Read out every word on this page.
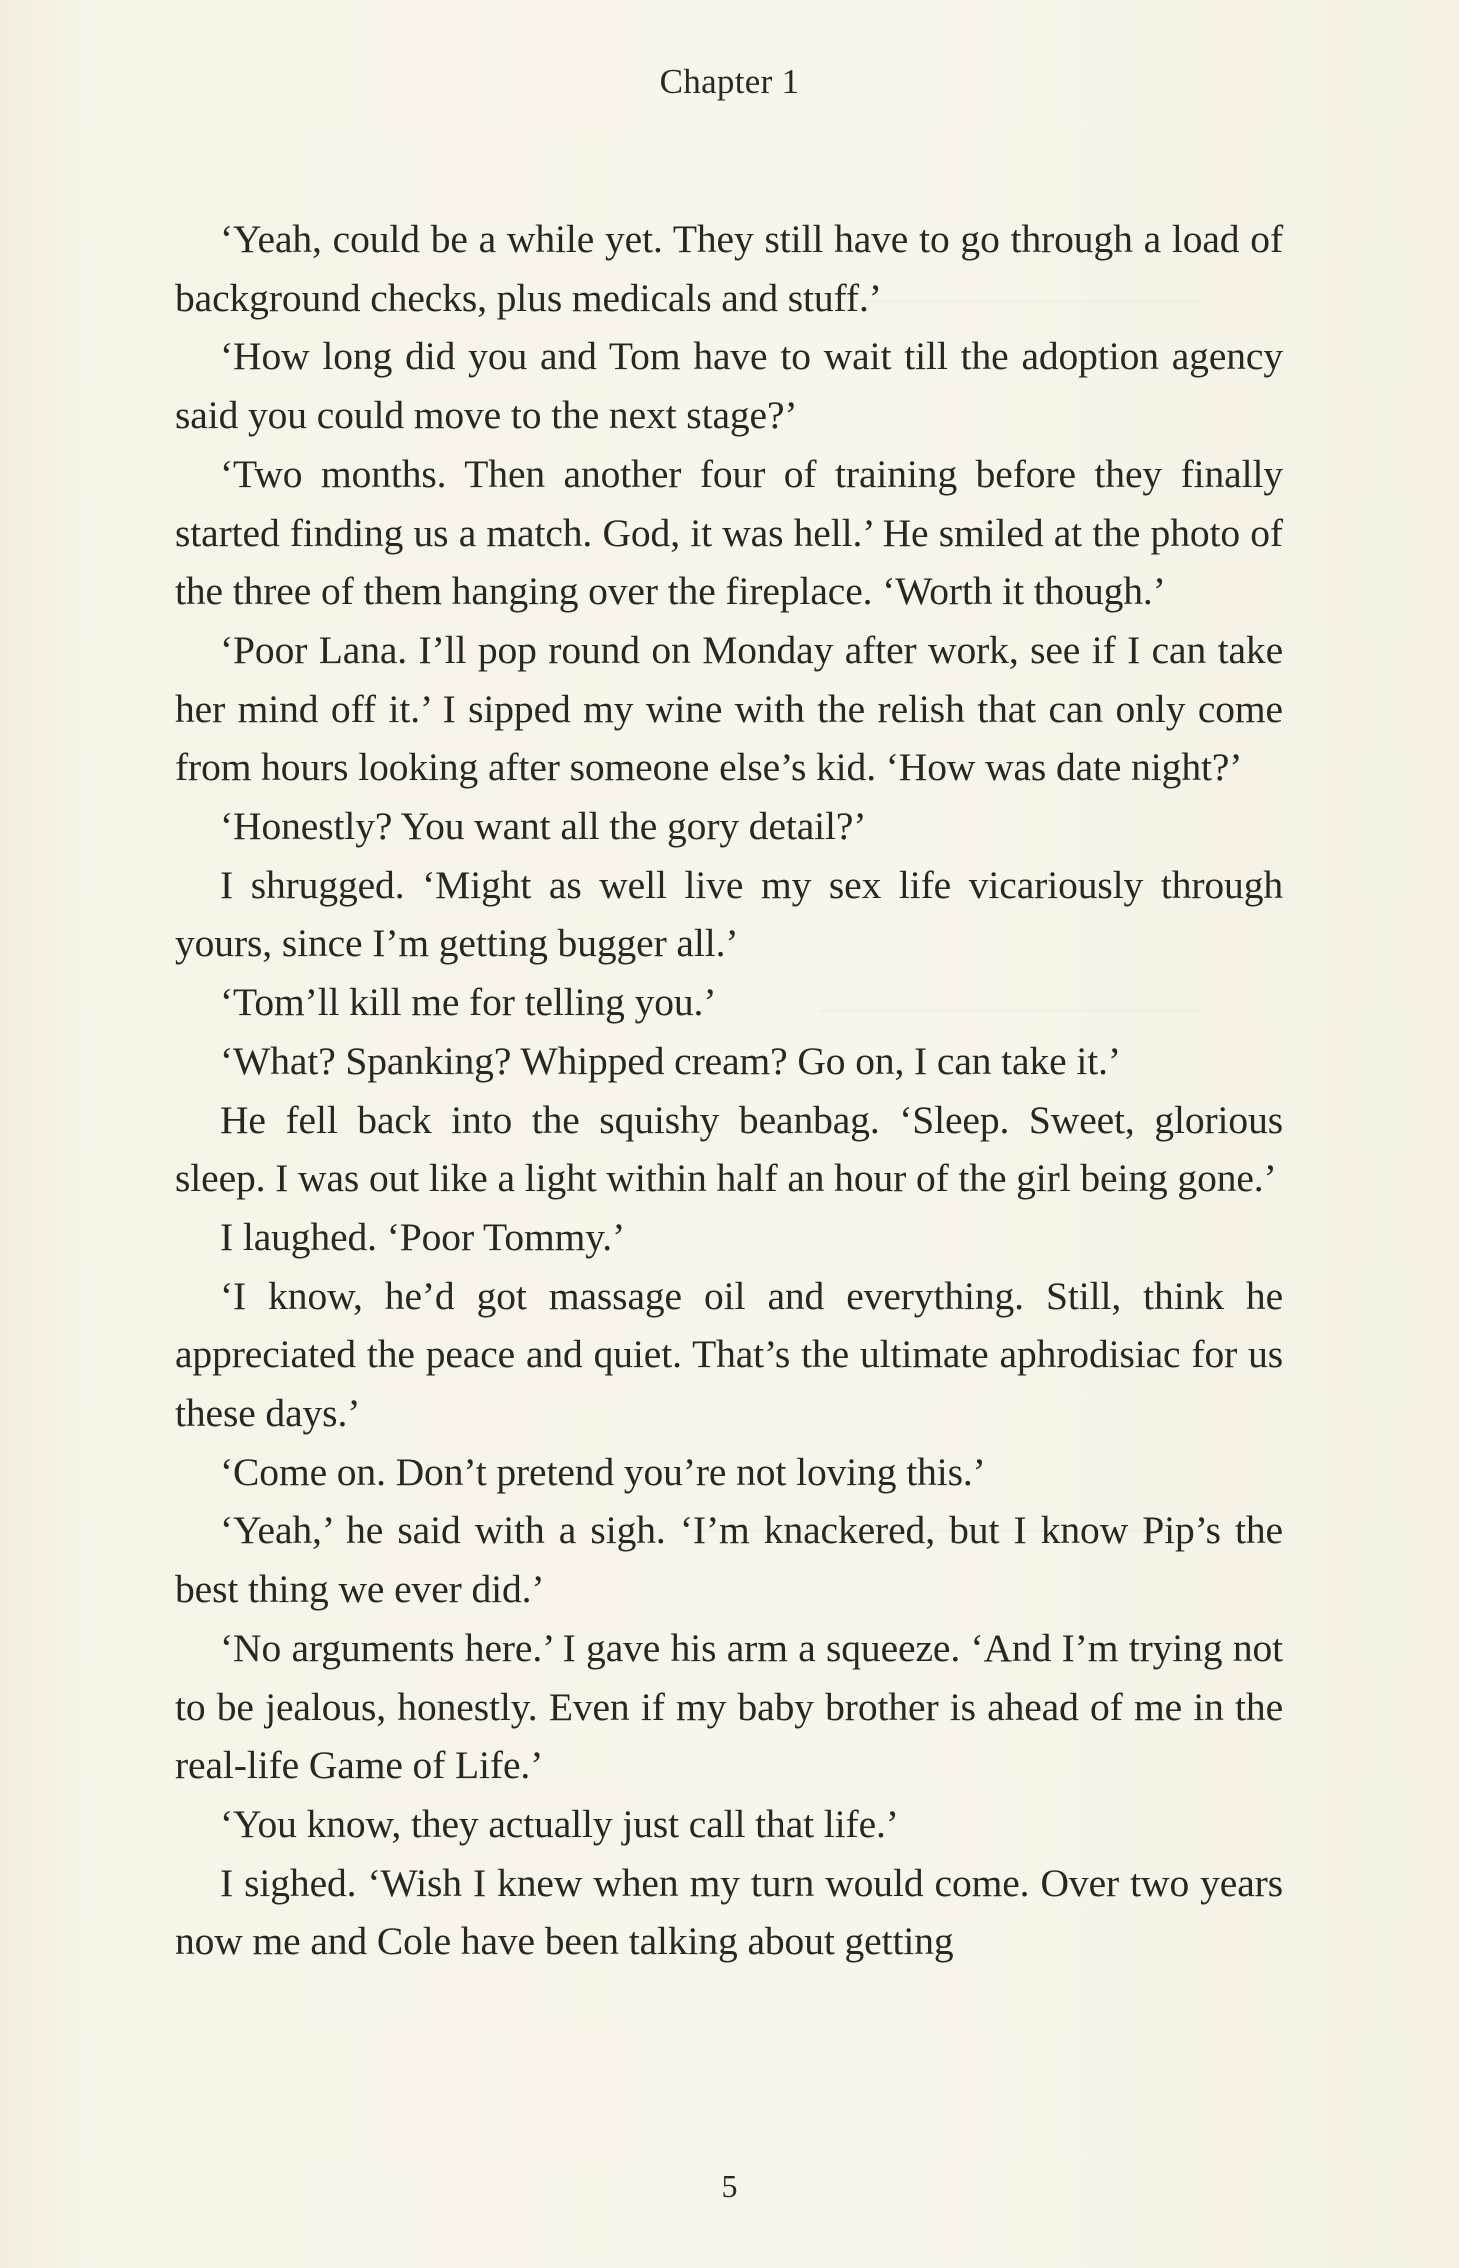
Chapter 1

‘Yeah, could be a while yet. They still have to go through a load of background checks, plus medicals and stuff.’

‘How long did you and Tom have to wait till the adoption agency said you could move to the next stage?’

‘Two months. Then another four of training before they finally started finding us a match. God, it was hell.’ He smiled at the photo of the three of them hanging over the fireplace. ‘Worth it though.’

‘Poor Lana. I’ll pop round on Monday after work, see if I can take her mind off it.’ I sipped my wine with the relish that can only come from hours looking after someone else’s kid. ‘How was date night?’

‘Honestly? You want all the gory detail?’

I shrugged. ‘Might as well live my sex life vicariously through yours, since I’m getting bugger all.’

‘Tom’ll kill me for telling you.’

‘What? Spanking? Whipped cream? Go on, I can take it.’

He fell back into the squishy beanbag. ‘Sleep. Sweet, glorious sleep. I was out like a light within half an hour of the girl being gone.’

I laughed. ‘Poor Tommy.’

‘I know, he’d got massage oil and everything. Still, think he appreciated the peace and quiet. That’s the ultimate aphrodisiac for us these days.’

‘Come on. Don’t pretend you’re not loving this.’

‘Yeah,’ he said with a sigh. ‘I’m knackered, but I know Pip’s the best thing we ever did.’

‘No arguments here.’ I gave his arm a squeeze. ‘And I’m trying not to be jealous, honestly. Even if my baby brother is ahead of me in the real-life Game of Life.’

‘You know, they actually just call that life.’

I sighed. ‘Wish I knew when my turn would come. Over two years now me and Cole have been talking about getting

5
